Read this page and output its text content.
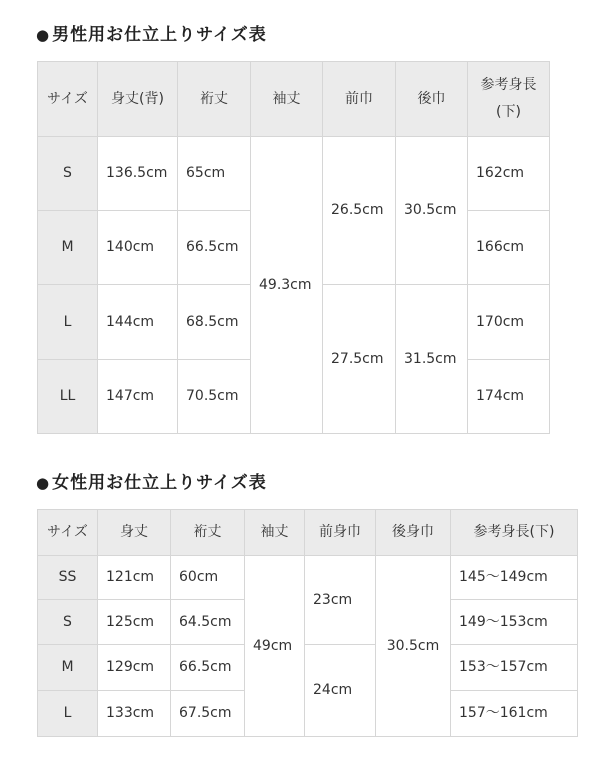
● 男性用お仕立上りサイズ表
サイズ	身丈(背)	裄丈	袖丈	前巾	後巾	参考身長(下)
S	136.5cm	65cm	49.3cm	26.5cm	30.5cm	162cm
M	140cm	66.5cm				166cm
L	144cm	68.5cm		27.5cm	31.5cm	170cm
LL	147cm	70.5cm				174cm
● 女性用お仕立上りサイズ表
サイズ	身丈	裄丈	袖丈	前身巾	後身巾	参考身長(下)
SS	121cm	60cm	49cm	23cm	30.5cm	145～149cm
S	125cm	64.5cm				149～153cm
M	129cm	66.5cm		24cm		153～157cm
L	133cm	67.5cm				157～161cm
